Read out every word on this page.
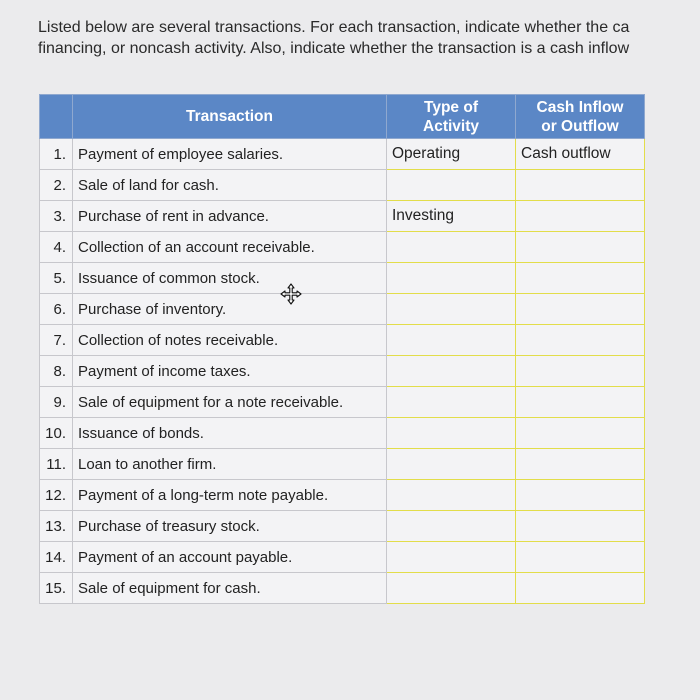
Listed below are several transactions. For each transaction, indicate whether the ca
financing, or noncash activity. Also, indicate whether the transaction is a cash inflow
	Transaction	Type of Activity	Cash Inflow or Outflow

1.	Payment of employee salaries.	Operating	Cash outflow
2.	Sale of land for cash.		
3.	Purchase of rent in advance.	Investing	
4.	Collection of an account receivable.		
5.	Issuance of common stock.		
6.	Purchase of inventory.		
7.	Collection of notes receivable.		
8.	Payment of income taxes.		
9.	Sale of equipment for a note receivable.		
10.	Issuance of bonds.		
11.	Loan to another firm.		
12.	Payment of a long-term note payable.		
13.	Purchase of treasury stock.		
14.	Payment of an account payable.		
15.	Sale of equipment for cash.		
